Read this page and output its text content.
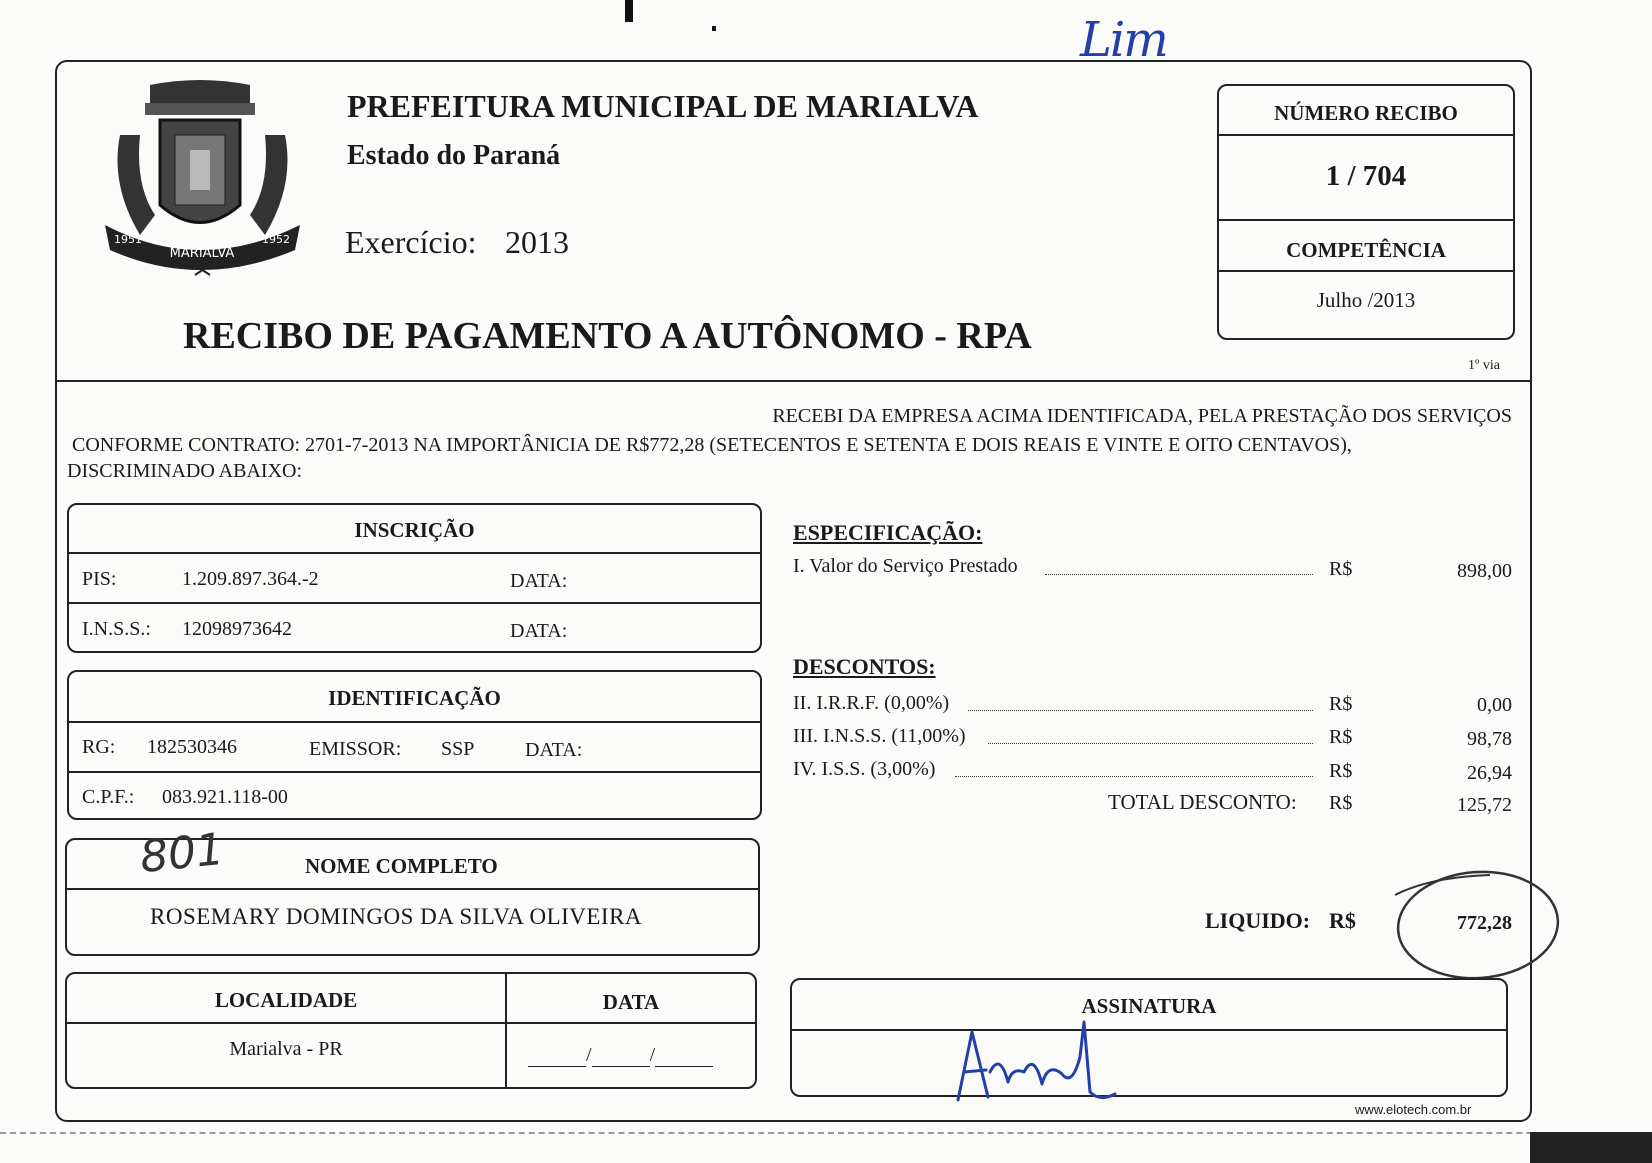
Lim
MARIALVA
1951	1952
PREFEITURA MUNICIPAL DE MARIALVA
Estado do Paraná
Exercício: 2013
RECIBO DE PAGAMENTO A AUTÔNOMO - RPA
1º via
NÚMERO RECIBO
1 / 704
COMPETÊNCIA
Julho /2013
RECEBI DA EMPRESA ACIMA IDENTIFICADA, PELA PRESTAÇÃO DOS SERVIÇOS
CONFORME CONTRATO: 2701-7-2013 NA IMPORTÂNICIA DE R$772,28 (SETECENTOS E SETENTA E DOIS REAIS E VINTE E OITO CENTAVOS),
DISCRIMINADO ABAIXO:
INSCRIÇÃO
PIS:	1.209.897.364.-2	DATA:
I.N.S.S.: 12098973642	DATA:
IDENTIFICAÇÃO
RG: 182530346	EMISSOR: SSP	DATA:
C.P.F.: 083.921.118-00
NOME COMPLETO
801
ROSEMARY DOMINGOS DA SILVA OLIVEIRA
LOCALIDADE	DATA
Marialva - PR	/	/
ESPECIFICAÇÃO:
I. Valor do Serviço Prestado	R$	898,00
DESCONTOS:
II. I.R.R.F. (0,00%)	R$	0,00
III. I.N.S.S. (11,00%)	R$	98,78
IV. I.S.S. (3,00%)	R$	26,94
TOTAL DESCONTO: R$	125,72
LIQUIDO: R$	772,28
ASSINATURA
www.elotech.com.br
